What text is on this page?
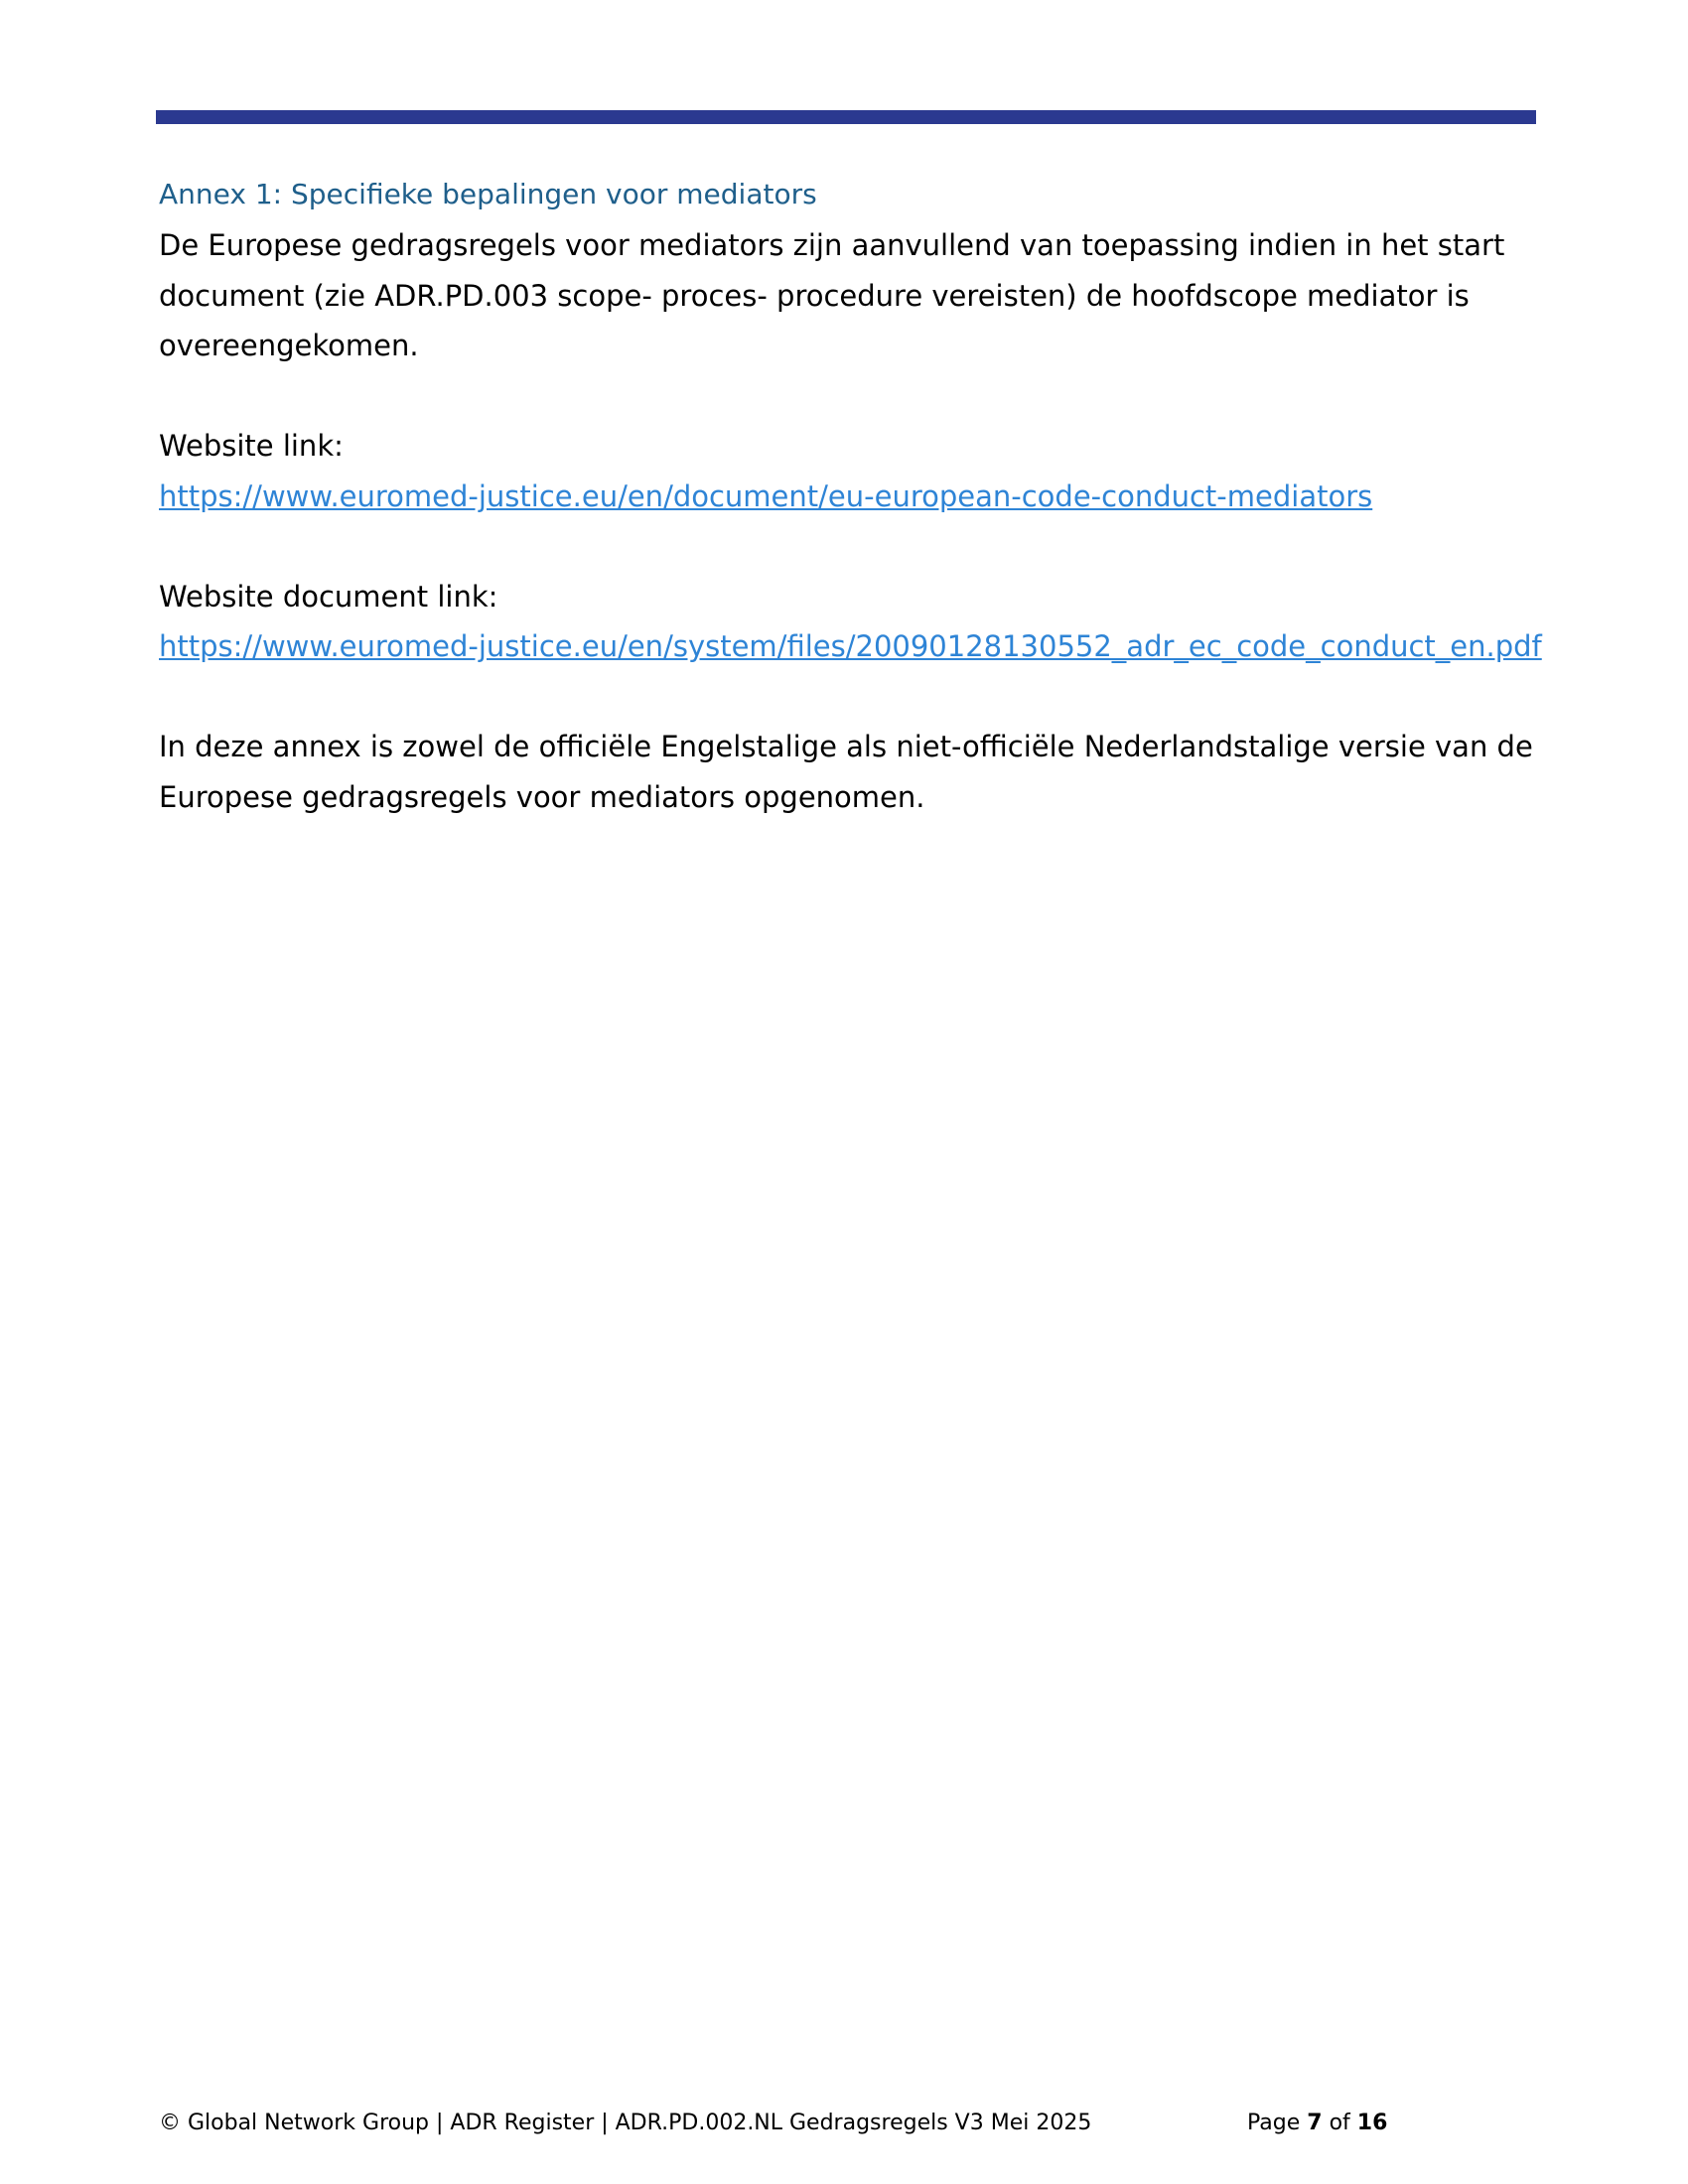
Annex 1: Specifieke bepalingen voor mediators

De Europese gedragsregels voor mediators zijn aanvullend van toepassing indien in het start

document (zie ADR.PD.003 scope- proces- procedure vereisten) de hoofdscope mediator is

overeengekomen.

Website link:

https://www.euromed-justice.eu/en/document/eu-european-code-conduct-mediators

Website document link:

https://www.euromed-justice.eu/en/system/files/20090128130552_adr_ec_code_conduct_en.pdf

In deze annex is zowel de officiële Engelstalige als niet-officiële Nederlandstalige versie van de

Europese gedragsregels voor mediators opgenomen.

© Global Network Group | ADR Register | ADR.PD.002.NL Gedragsregels V3 Mei 2025	Page 7 of 16
